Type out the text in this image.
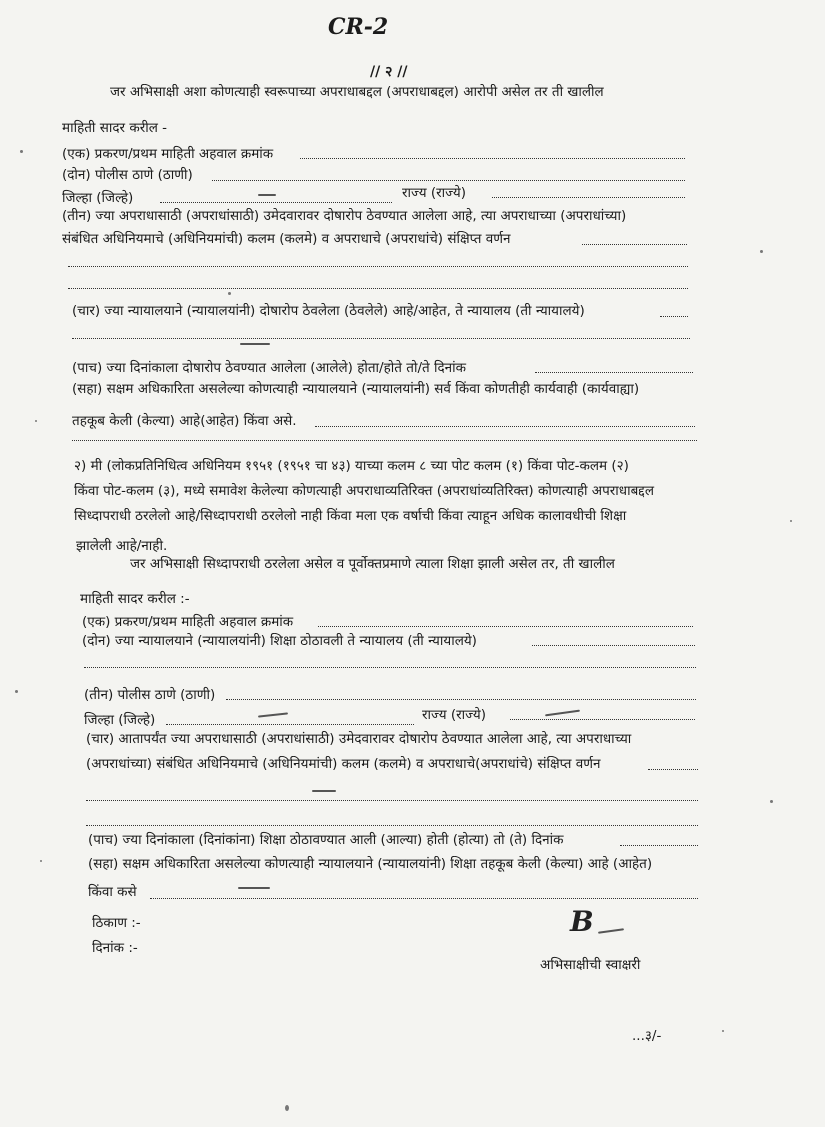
CR-2
// २ //
जर अभिसाक्षी अशा कोणत्याही स्वरूपाच्या अपराधाबद्दल (अपराधाबद्दल) आरोपी असेल तर ती खालील
माहिती सादर करील -
(एक) प्रकरण/प्रथम माहिती अहवाल क्रमांक
(दोन) पोलीस ठाणे (ठाणी)
जिल्हा (जिल्हे)	राज्य (राज्ये)
(तीन) ज्या अपराधासाठी (अपराधांसाठी) उमेदवारावर दोषारोप ठेवण्यात आलेला आहे, त्या अपराधाच्या (अपराधांच्या)
संबंधित अधिनियमाचे (अधिनियमांची) कलम (कलमे) व अपराधाचे (अपराधांचे) संक्षिप्त वर्णन
(चार) ज्या न्यायालयाने (न्यायालयांनी) दोषारोप ठेवलेला (ठेवलेले) आहे/आहेत, ते न्यायालय (ती न्यायालये)
(पाच) ज्या दिनांकाला दोषारोप ठेवण्यात आलेला (आलेले) होता/होते तो/ते दिनांक
(सहा) सक्षम अधिकारिता असलेल्या कोणत्याही न्यायालयाने (न्यायालयांनी) सर्व किंवा कोणतीही कार्यवाही (कार्यवाह्या)
तहकूब केली (केल्या) आहे(आहेत) किंवा असे.
२) मी (लोकप्रतिनिधित्व अधिनियम १९५१ (१९५१ चा ४३) याच्या कलम ८ च्या पोट कलम (१) किंवा पोट-कलम (२)
किंवा पोट-कलम (३), मध्ये समावेश केलेल्या कोणत्याही अपराधाव्यतिरिक्त (अपराधांव्यतिरिक्त) कोणत्याही अपराधाबद्दल
सिध्दापराधी ठरलेलो आहे/सिध्दापराधी ठरलेलो नाही किंवा मला एक वर्षाची किंवा त्याहून अधिक कालावधीची शिक्षा
झालेली आहे/नाही.
जर अभिसाक्षी सिध्दापराधी ठरलेला असेल व पूर्वोक्तप्रमाणे त्याला शिक्षा झाली असेल तर, ती खालील
माहिती सादर करील :-
(एक) प्रकरण/प्रथम माहिती अहवाल क्रमांक
(दोन) ज्या न्यायालयाने (न्यायालयांनी) शिक्षा ठोठावली ते न्यायालय (ती न्यायालये)
(तीन) पोलीस ठाणे (ठाणी)
जिल्हा (जिल्हे)	राज्य (राज्ये)
(चार) आतापर्यंत ज्या अपराधासाठी (अपराधांसाठी) उमेदवारावर दोषारोप ठेवण्यात आलेला आहे, त्या अपराधाच्या
(अपराधांच्या) संबंधित अधिनियमाचे (अधिनियमांची) कलम (कलमे) व अपराधाचे(अपराधांचे) संक्षिप्त वर्णन
(पाच) ज्या दिनांकाला (दिनांकांना) शिक्षा ठोठावण्यात आली (आल्या) होती (होत्या) तो (ते) दिनांक
(सहा) सक्षम अधिकारिता असलेल्या कोणत्याही न्यायालयाने (न्यायालयांनी) शिक्षा तहकूब केली (केल्या) आहे (आहेत)
किंवा कसे
ठिकाण :-
दिनांक :-
B
अभिसाक्षीची स्वाक्षरी
...३/-
